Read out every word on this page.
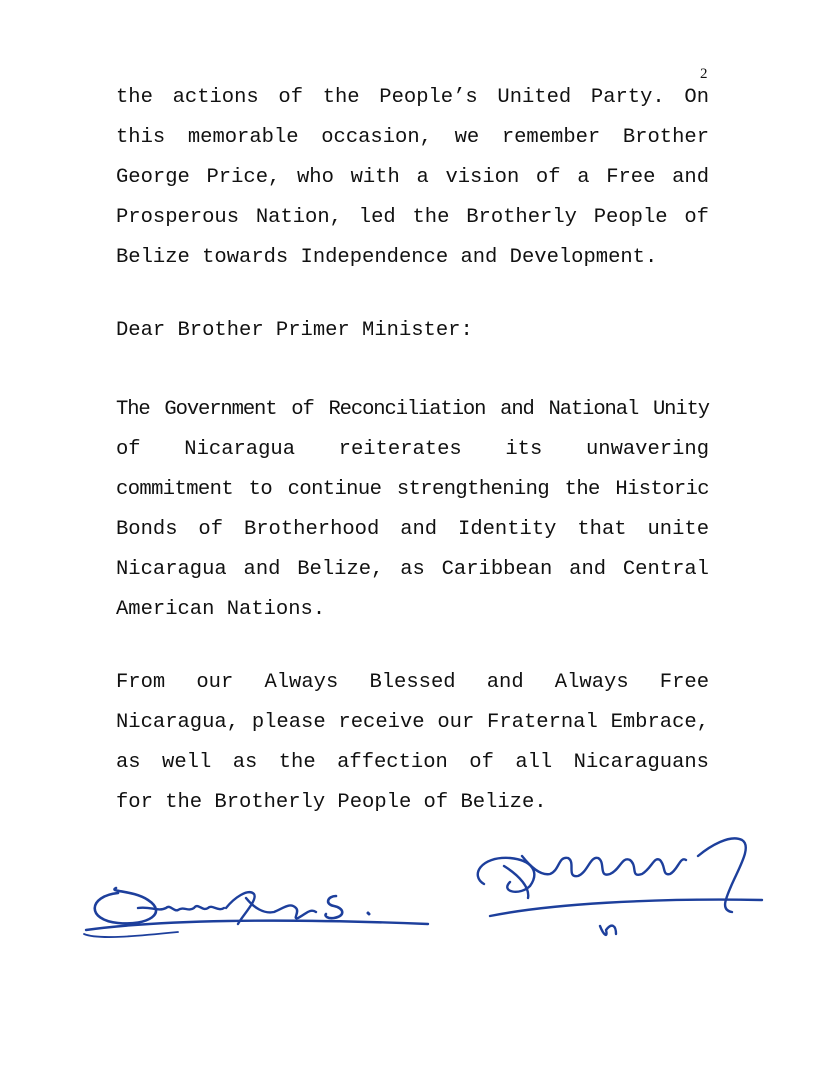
2
the actions of the People’s United Party. On
this memorable occasion, we remember Brother
George Price, who with a vision of a Free and
Prosperous Nation, led the Brotherly People of
Belize towards Independence and Development.
Dear Brother Primer Minister:
The Government of Reconciliation and National Unity
of Nicaragua reiterates its unwavering
commitment to continue strengthening the Historic
Bonds of Brotherhood and Identity that unite
Nicaragua and Belize, as Caribbean and Central
American Nations.
From our Always Blessed and Always Free
Nicaragua, please receive our Fraternal Embrace,
as well as the affection of all Nicaraguans
for the Brotherly People of Belize.
